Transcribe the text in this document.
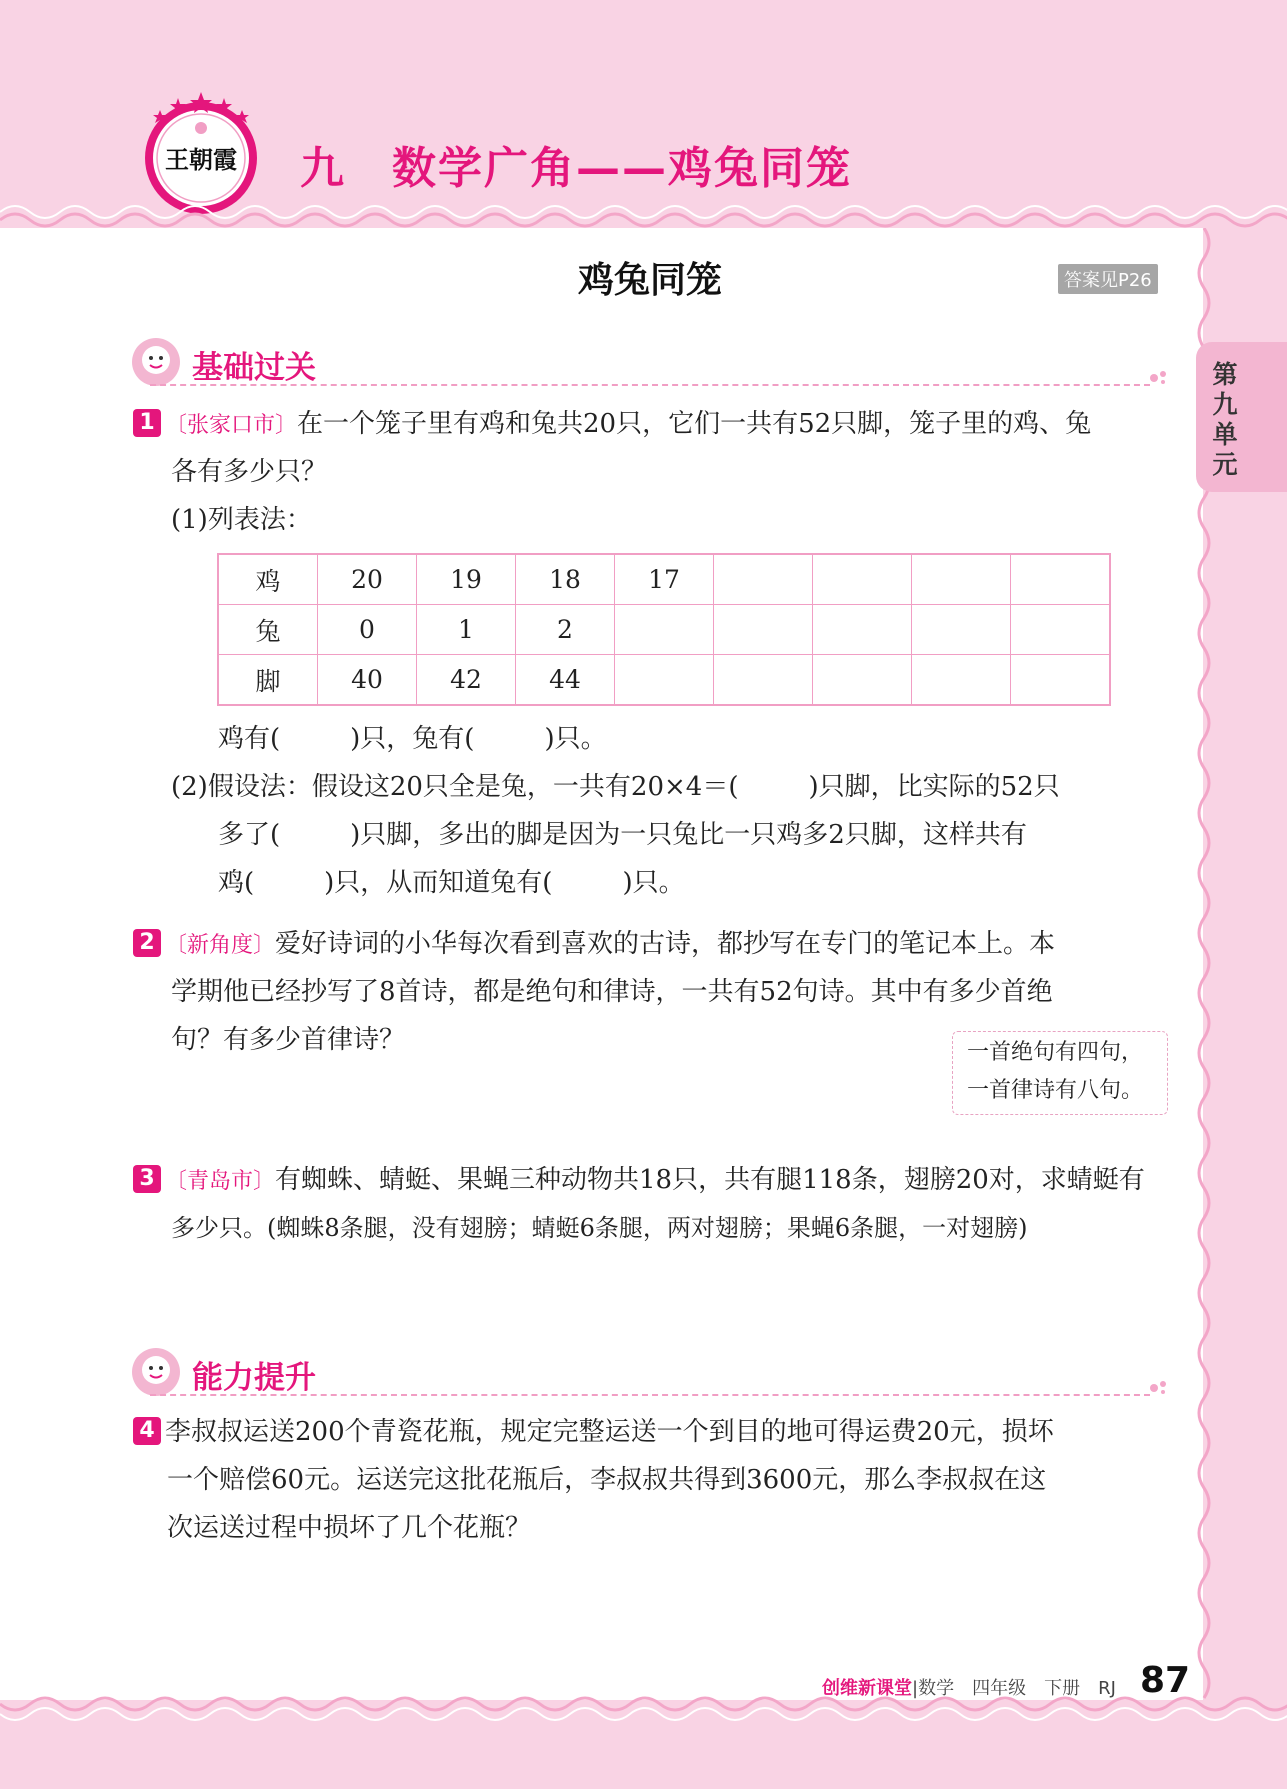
王朝霞 九　数学广角——鸡兔同笼
第九单元
鸡兔同笼	答案见P26
基础过关
1 〔张家口市〕在一个笼子里有鸡和兔共20只，它们一共有52只脚，笼子里的鸡、兔
各有多少只？
(1)列表法：
鸡	20	19	18	17				
兔	0	1	2					
脚	40	42	44					
鸡有(	)只，兔有(	)只。
(2)假设法：假设这20只全是兔，一共有20×4＝(	)只脚，比实际的52只
多了(	)只脚，多出的脚是因为一只兔比一只鸡多2只脚，这样共有
鸡(	)只，从而知道兔有(	)只。
2 〔新角度〕爱好诗词的小华每次看到喜欢的古诗，都抄写在专门的笔记本上。本
学期他已经抄写了8首诗，都是绝句和律诗，一共有52句诗。其中有多少首绝
句？有多少首律诗？	一首绝句有四句，
一首律诗有八句。
3 〔青岛市〕有蜘蛛、蜻蜓、果蝇三种动物共18只，共有腿118条，翅膀20对，求蜻蜓有
多少只。(蜘蛛8条腿，没有翅膀；蜻蜓6条腿，两对翅膀；果蝇6条腿，一对翅膀)
能力提升
4 李叔叔运送200个青瓷花瓶，规定完整运送一个到目的地可得运费20元，损坏
一个赔偿60元。运送完这批花瓶后，李叔叔共得到3600元，那么李叔叔在这
次运送过程中损坏了几个花瓶？
创维新课堂|数学　四年级　下册　RJ 87
